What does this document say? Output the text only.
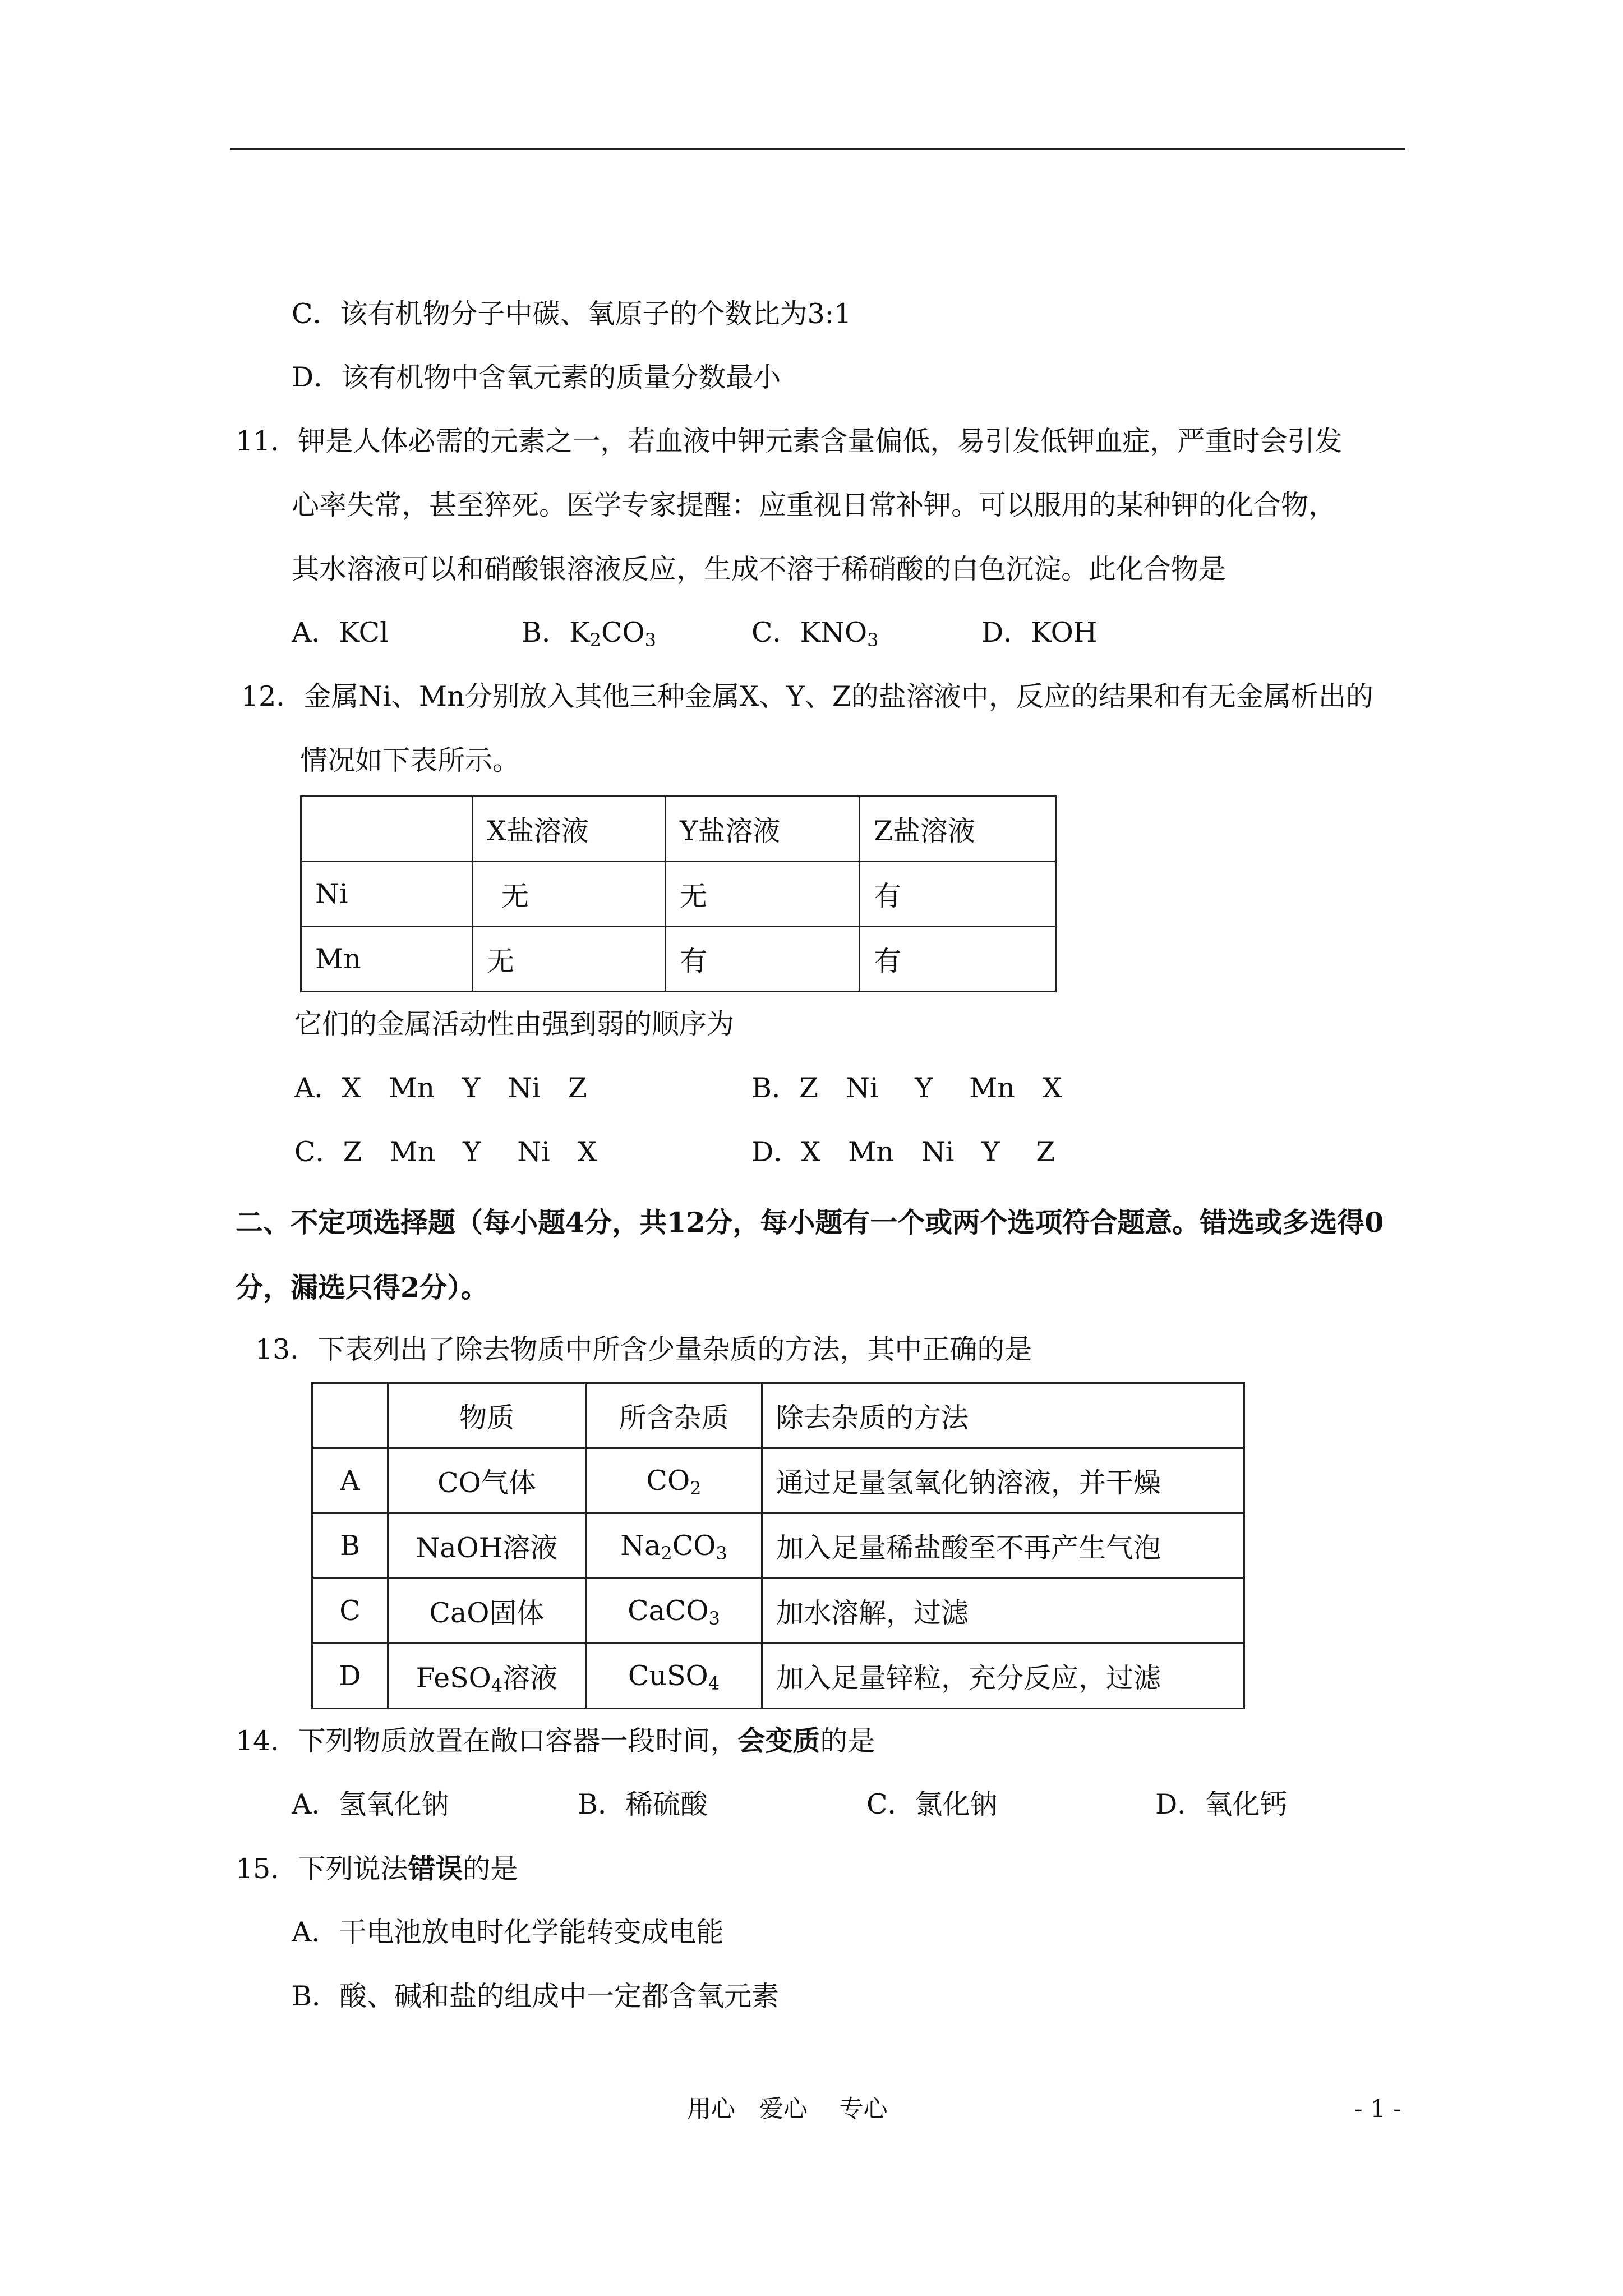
C．该有机物分子中碳、氧原子的个数比为3:1
D．该有机物中含氧元素的质量分数最小
11．钾是人体必需的元素之一，若血液中钾元素含量偏低，易引发低钾血症，严重时会引发
心率失常，甚至猝死。医学专家提醒：应重视日常补钾。可以服用的某种钾的化合物，
其水溶液可以和硝酸银溶液反应，生成不溶于稀硝酸的白色沉淀。此化合物是
A．KCl	B．$K_2CO_3$	C．$KNO_3$	D．KOH
12．金属Ni、Mn分别放入其他三种金属X、Y、Z的盐溶液中，反应的结果和有无金属析出的
情况如下表所示。
	X盐溶液	Y盐溶液	Z盐溶液
Ni	无	无	有
Mn	无	有	有
它们的金属活动性由强到弱的顺序为
A．X　Mn　Y　Ni　Z	B．Z　Ni　 Y　 Mn　X
C．Z　Mn　Y　 Ni　X	D．X　Mn　Ni　Y　 Z
二、不定项选择题（每小题4分，共12分，每小题有一个或两个选项符合题意。错选或多选得0
分，漏选只得2分）。
13．下表列出了除去物质中所含少量杂质的方法，其中正确的是
	物质	所含杂质	除去杂质的方法
A	CO气体	$CO_2$	通过足量氢氧化钠溶液，并干燥
B	NaOH溶液	$Na_2CO_3$	加入足量稀盐酸至不再产生气泡
C	CaO固体	CaCO$_3$	加水溶解，过滤
D	FeSO$_4$溶液	CuSO$_4$	加入足量锌粒，充分反应，过滤
14．下列物质放置在敞口容器一段时间，会变质的是
A．氢氧化钠	B．稀硫酸	C．氯化钠	D．氧化钙
15．下列说法错误的是
A．干电池放电时化学能转变成电能
B．酸、碱和盐的组成中一定都含氧元素
用心　爱心　 专心	- 1 -
